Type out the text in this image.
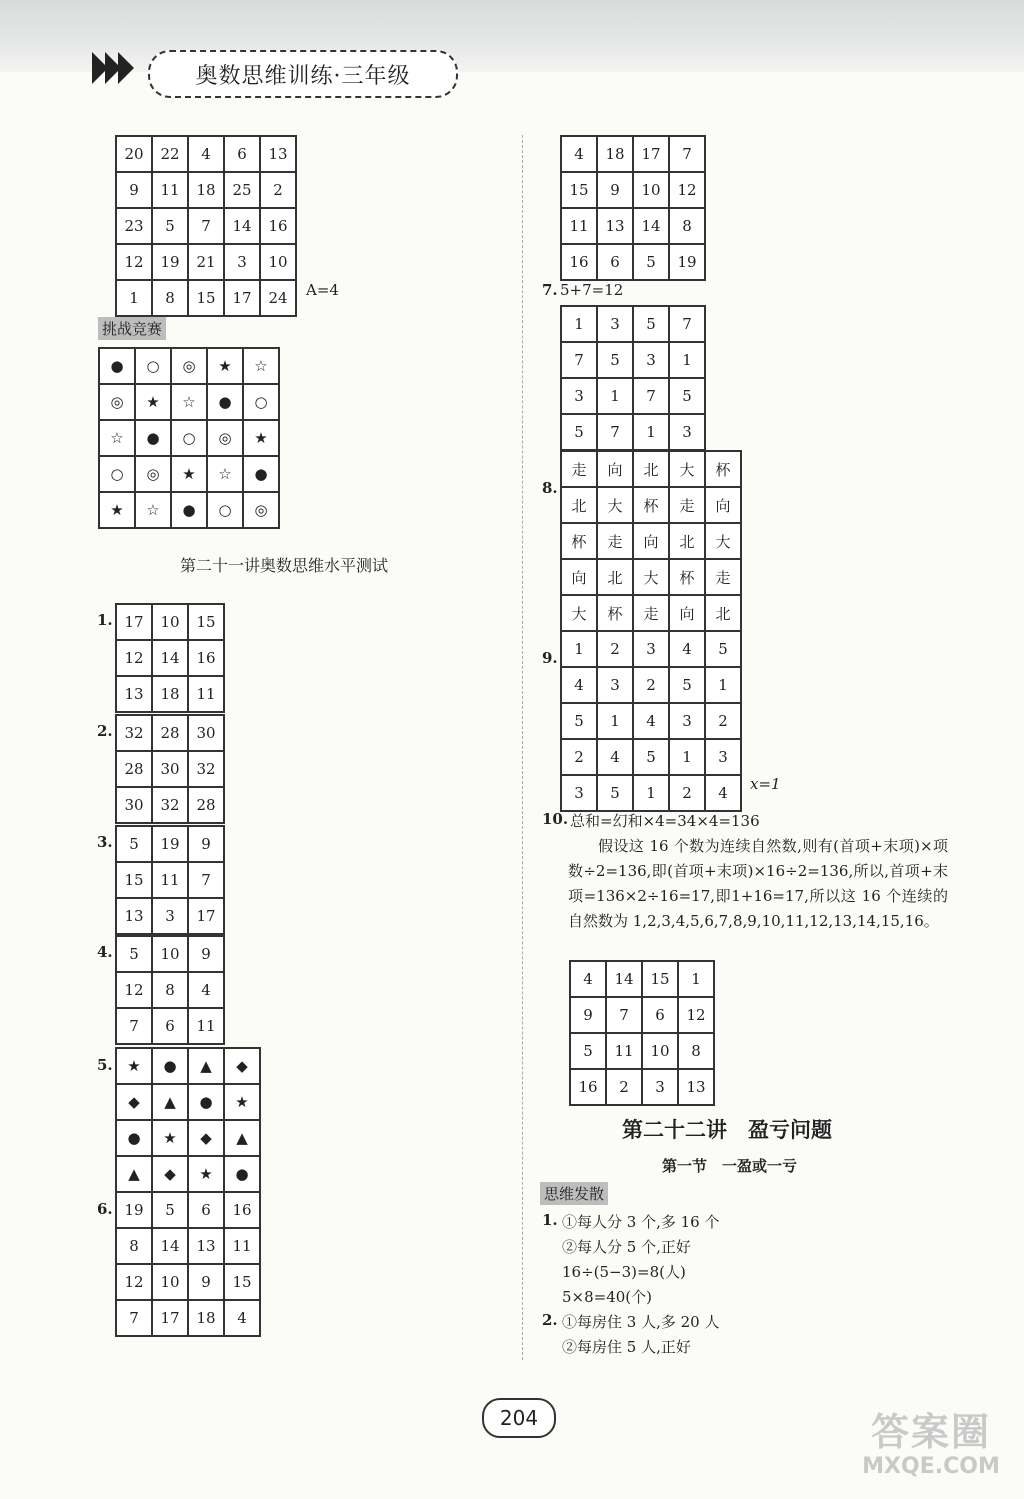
奥数思维训练·三年级
20	22	4	6	13
9	11	18	25	2
23	5	7	14	16
12	19	21	3	10
1	8	15	17	24 A=4
挑战竞赛
●	○	◎	★	☆
◎	★	☆	●	○
☆	●	○	◎	★
○	◎	★	☆	●
★	☆	●	○	◎
第二十一讲奥数思维水平测试
1. 17	10	15
12	14	16
13	18	11
2. 32	28	30
28	30	32
30	32	28
3. 5	19	9
15	11	7
13	3	17
4. 5	10	9
12	8	4
7	6	11
5. ★	●	▲	◆
◆	▲	●	★
●	★	◆	▲
▲	◆	★	●
6. 19	5	6	16
8	14	13	11
12	10	9	15
7	17	18	4
4	18	17	7
15	9	10	12
11	13	14	8
16	6	5	19
7. 5+7=12
1	3	5	7
7	5	3	1
3	1	7	5
5	7	1	3
8.
走	向	北	大	杯
北	大	杯	走	向
杯	走	向	北	大
向	北	大	杯	走
大	杯	走	向	北
9. 1	2	3	4	5
4	3	2	5	1
5	1	4	3	2
2	4	5	1	3
3	5	1	2	4 x=1
10. 总和=幻和×4=34×4=136
假设这 16 个数为连续自然数,则有(首项+末项)×项数÷2=136,即(首项+末项)×16÷2=136,所以,首项+末项=136×2÷16=17,即1+16=17,所以这 16 个连续的自然数为 1,2,3,4,5,6,7,8,9,10,11,12,13,14,15,16。
4	14	15	1
9	7	6	12
5	11	10	8
16	2	3	13
第二十二讲　盈亏问题
第一节　一盈或一亏
思维发散
1. ①每人分 3 个,多 16 个
②每人分 5 个,正好
16÷(5−3)=8(人)
5×8=40(个)
2. ①每房住 3 人,多 20 人
②每房住 5 人,正好
204	答案圈
MXQE.COM
